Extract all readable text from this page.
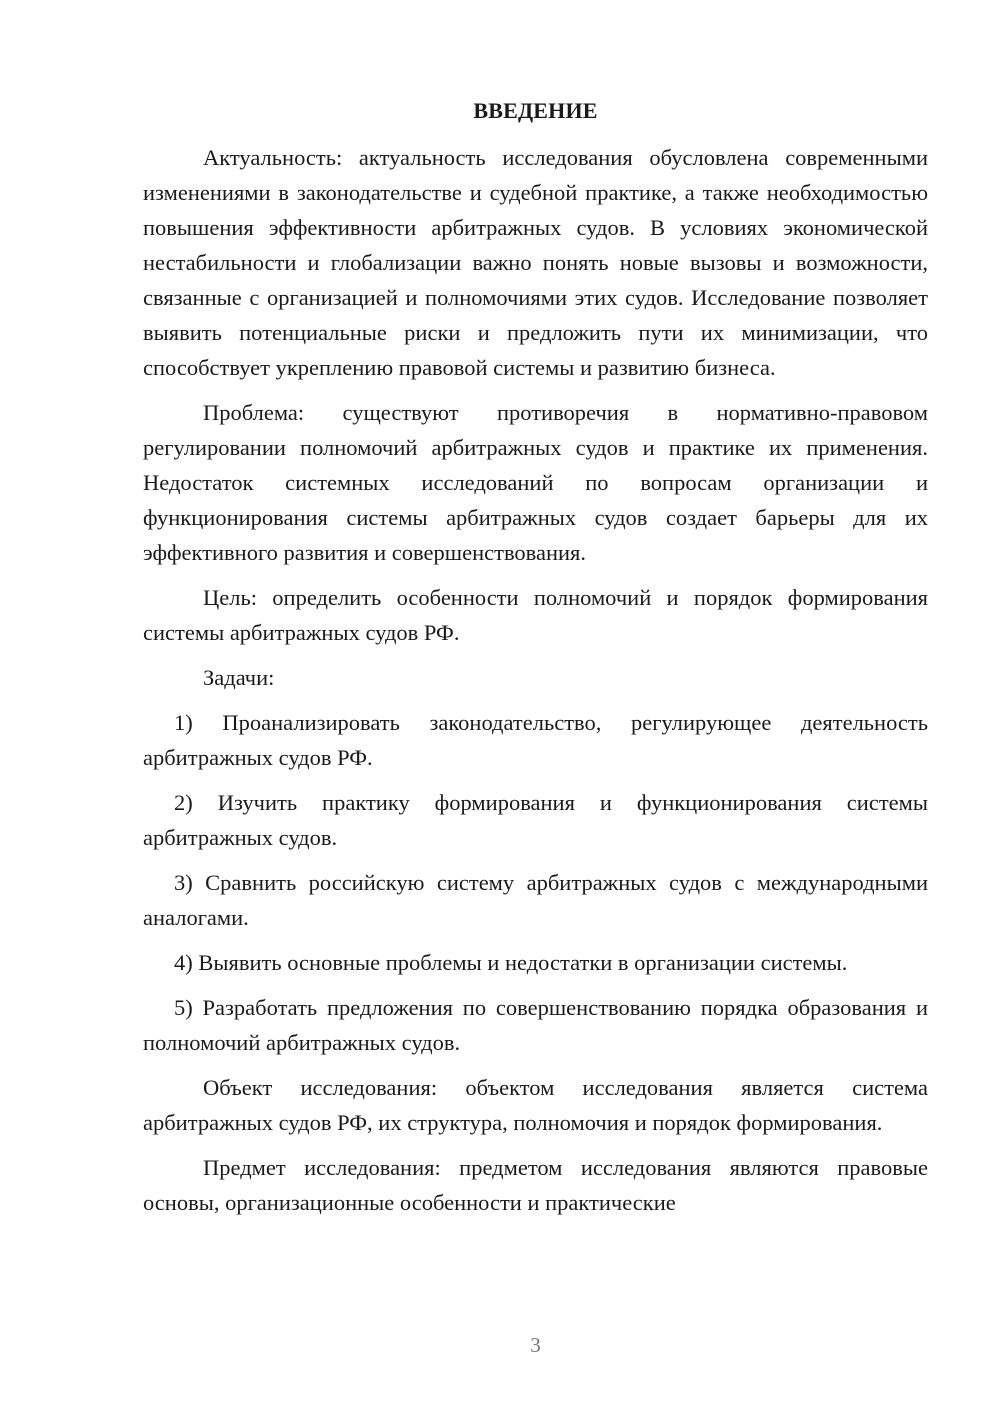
ВВЕДЕНИЕ

Актуальность: актуальность исследования обусловлена современными изменениями в законодательстве и судебной практике, а также необходимостью повышения эффективности арбитражных судов. В условиях экономической нестабильности и глобализации важно понять новые вызовы и возможности, связанные с организацией и полномочиями этих судов. Исследование позволяет выявить потенциальные риски и предложить пути их минимизации, что способствует укреплению правовой системы и развитию бизнеса.

Проблема: существуют противоречия в нормативно-правовом регулировании полномочий арбитражных судов и практике их применения. Недостаток системных исследований по вопросам организации и функционирования системы арбитражных судов создает барьеры для их эффективного развития и совершенствования.

Цель: определить особенности полномочий и порядок формирования системы арбитражных судов РФ.

Задачи:

1) Проанализировать законодательство, регулирующее деятельность арбитражных судов РФ.

2) Изучить практику формирования и функционирования системы арбитражных судов.

3) Сравнить российскую систему арбитражных судов с международными аналогами.

4) Выявить основные проблемы и недостатки в организации системы.

5) Разработать предложения по совершенствованию порядка образования и полномочий арбитражных судов.

Объект исследования: объектом исследования является система арбитражных судов РФ, их структура, полномочия и порядок формирования.

Предмет исследования: предметом исследования являются правовые основы, организационные особенности и практические

3
